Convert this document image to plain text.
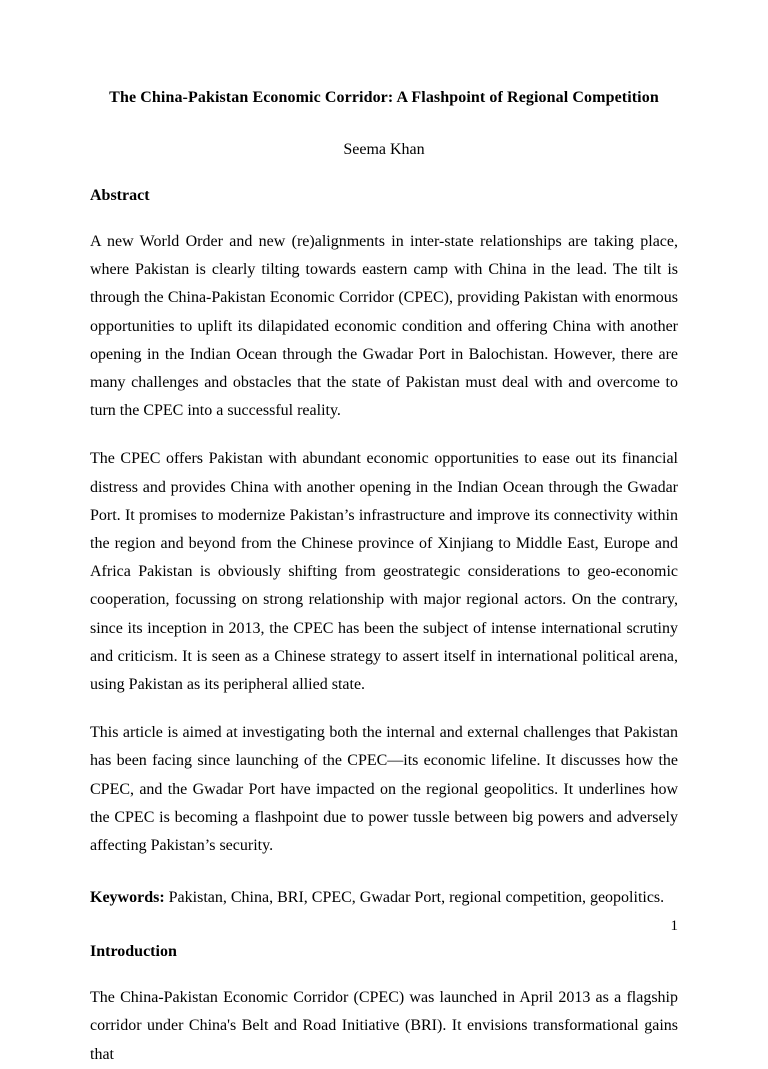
The China-Pakistan Economic Corridor: A Flashpoint of Regional Competition

Seema Khan

Abstract

A new World Order and new (re)alignments in inter-state relationships are taking place, where Pakistan is clearly tilting towards eastern camp with China in the lead. The tilt is through the China-Pakistan Economic Corridor (CPEC), providing Pakistan with enormous opportunities to uplift its dilapidated economic condition and offering China with another opening in the Indian Ocean through the Gwadar Port in Balochistan. However, there are many challenges and obstacles that the state of Pakistan must deal with and overcome to turn the CPEC into a successful reality.

The CPEC offers Pakistan with abundant economic opportunities to ease out its financial distress and provides China with another opening in the Indian Ocean through the Gwadar Port. It promises to modernize Pakistan’s infrastructure and improve its connectivity within the region and beyond from the Chinese province of Xinjiang to Middle East, Europe and Africa Pakistan is obviously shifting from geostrategic considerations to geo-economic cooperation, focussing on strong relationship with major regional actors. On the contrary, since its inception in 2013, the CPEC has been the subject of intense international scrutiny and criticism. It is seen as a Chinese strategy to assert itself in international political arena, using Pakistan as its peripheral allied state.

This article is aimed at investigating both the internal and external challenges that Pakistan has been facing since launching of the CPEC—its economic lifeline. It discusses how the CPEC, and the Gwadar Port have impacted on the regional geopolitics. It underlines how the CPEC is becoming a flashpoint due to power tussle between big powers and adversely affecting Pakistan’s security.

Keywords: Pakistan, China, BRI, CPEC, Gwadar Port, regional competition, geopolitics.

Introduction

The China-Pakistan Economic Corridor (CPEC) was launched in April 2013 as a flagship corridor under China's Belt and Road Initiative (BRI). It envisions transformational gains that

1
